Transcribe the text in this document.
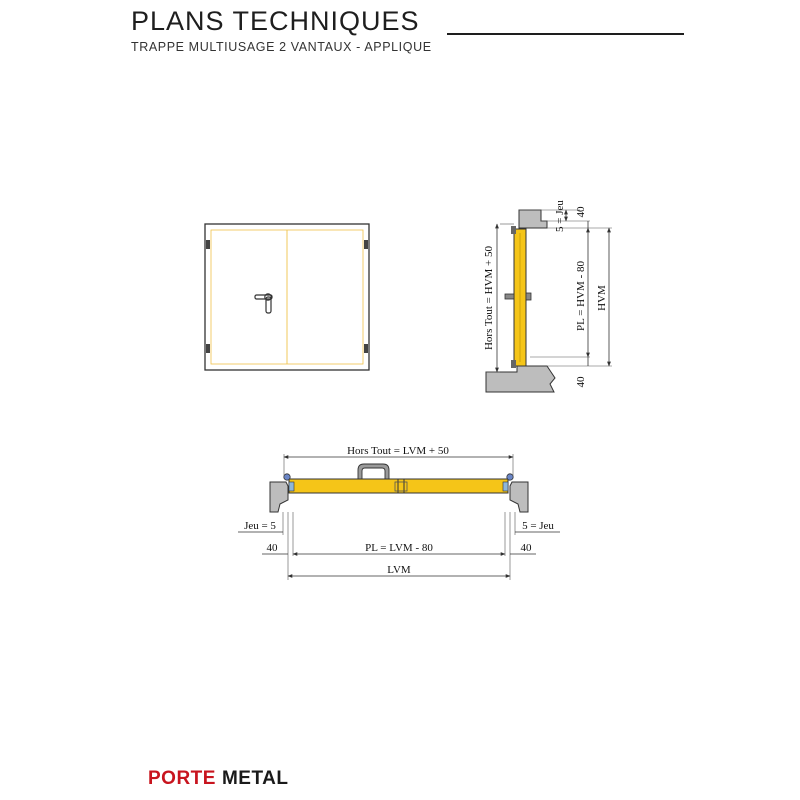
PLANS TECHNIQUES
TRAPPE MULTIUSAGE 2 VANTAUX - APPLIQUE
5 = Jeu 40
Hors Tout = HVM + 50	PL = HVM - 80 HVM
40
Hors Tout = LVM + 50
Jeu = 5	5 = Jeu
40	PL = LVM - 80	40
LVM
PORTE METAL
